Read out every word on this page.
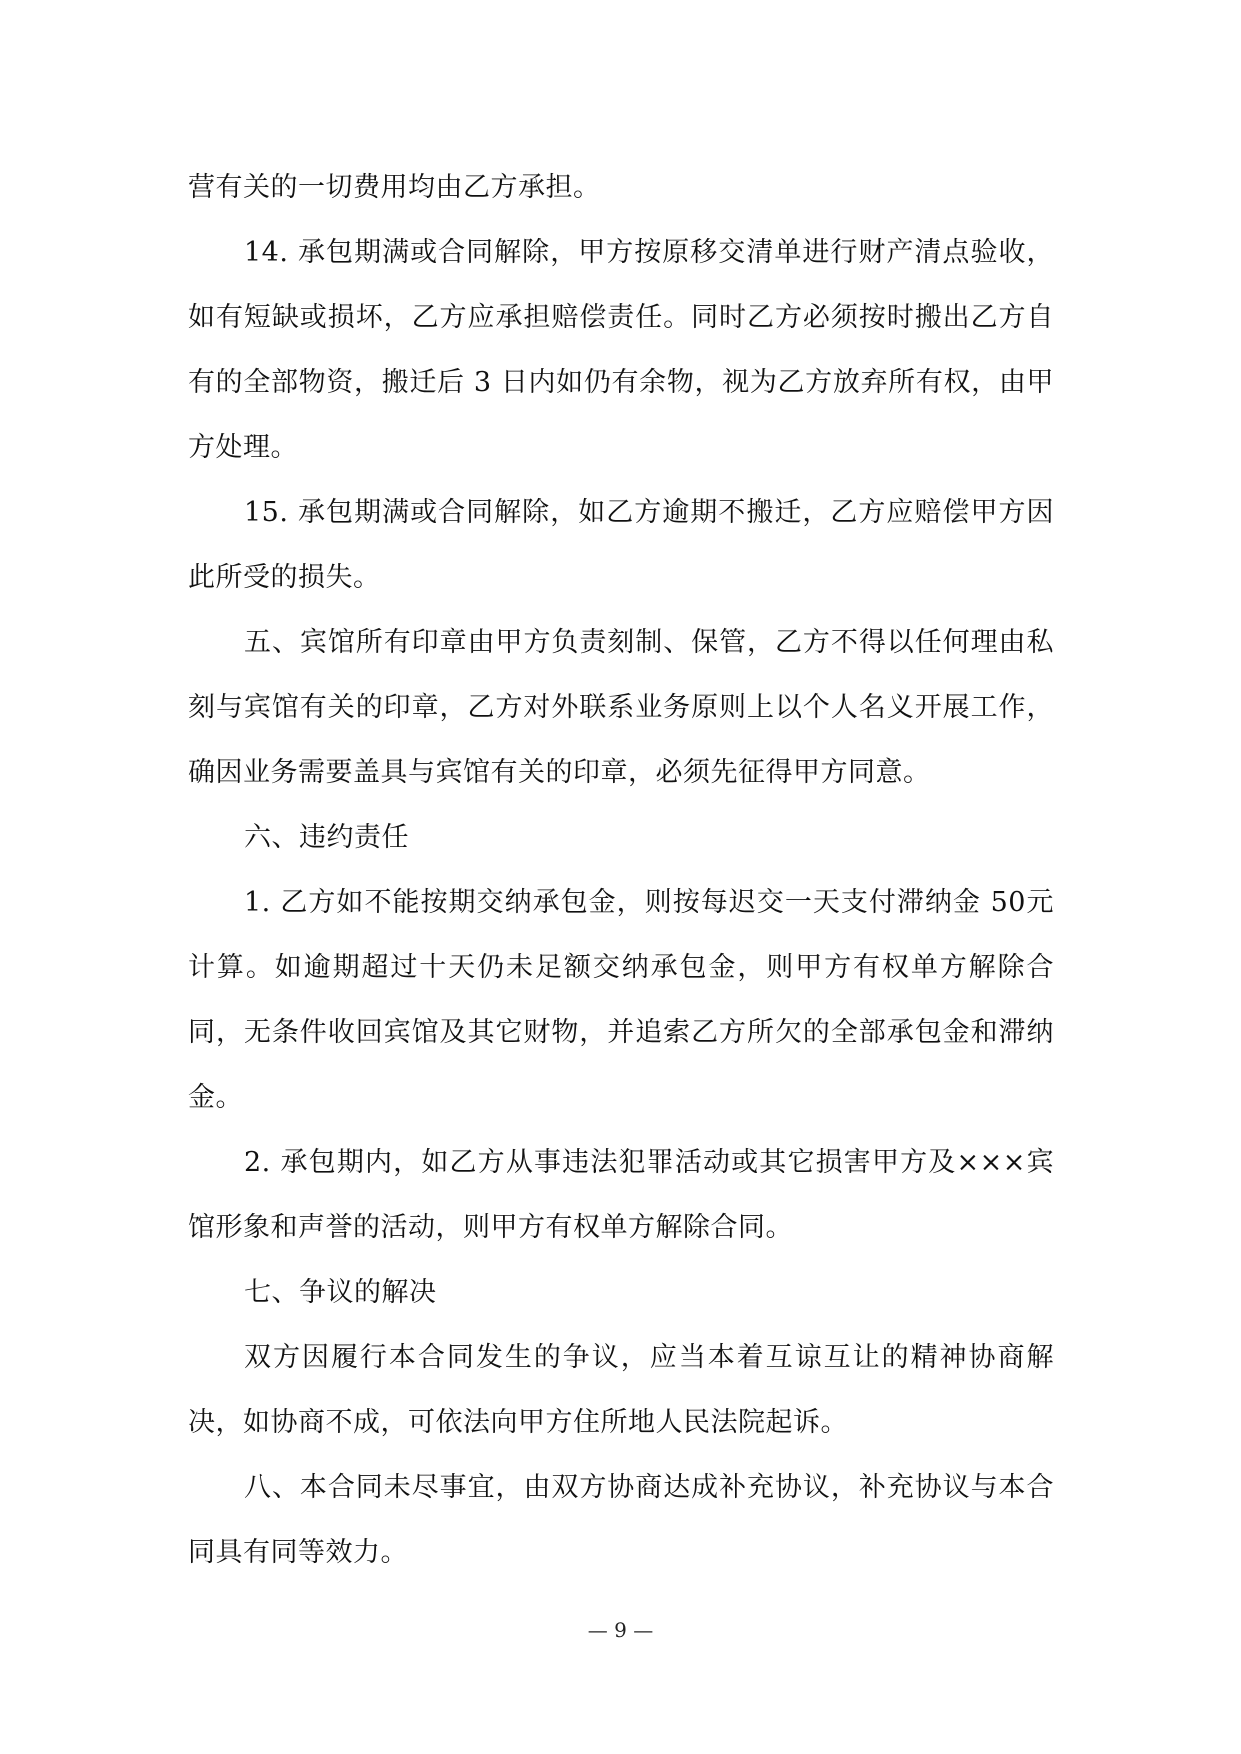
营有关的一切费用均由乙方承担。

14. 承包期满或合同解除，甲方按原移交清单进行财产清点验收，如有短缺或损坏，乙方应承担赔偿责任。同时乙方必须按时搬出乙方自有的全部物资，搬迁后 3 日内如仍有余物，视为乙方放弃所有权，由甲方处理。

15. 承包期满或合同解除，如乙方逾期不搬迁，乙方应赔偿甲方因此所受的损失。

五、宾馆所有印章由甲方负责刻制、保管，乙方不得以任何理由私刻与宾馆有关的印章，乙方对外联系业务原则上以个人名义开展工作，确因业务需要盖具与宾馆有关的印章，必须先征得甲方同意。

六、违约责任

1. 乙方如不能按期交纳承包金，则按每迟交一天支付滞纳金 50元计算。如逾期超过十天仍未足额交纳承包金，则甲方有权单方解除合同，无条件收回宾馆及其它财物，并追索乙方所欠的全部承包金和滞纳金。

2. 承包期内，如乙方从事违法犯罪活动或其它损害甲方及×××宾馆形象和声誉的活动，则甲方有权单方解除合同。

七、争议的解决

双方因履行本合同发生的争议，应当本着互谅互让的精神协商解决，如协商不成，可依法向甲方住所地人民法院起诉。

八、本合同未尽事宜，由双方协商达成补充协议，补充协议与本合同具有同等效力。

— 9 —
